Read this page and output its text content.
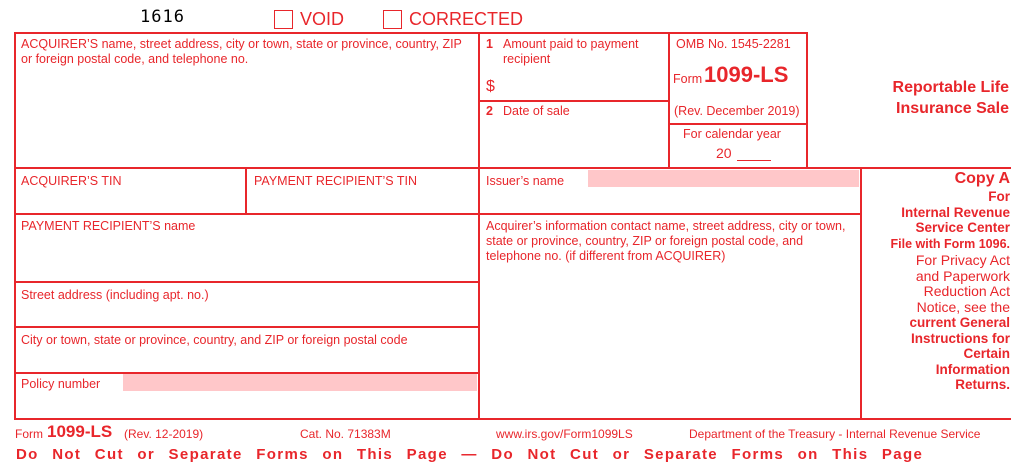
1616	VOID	CORRECTED
ACQUIRER’S name, street address, city or town, state or province, country, ZIP or foreign postal code, and telephone no.
1 Amount paid to payment recipient
$
2 Date of sale
OMB No. 1545-2281
Form 1099-LS
(Rev. December 2019)
For calendar year
20
Reportable Life
Insurance Sale
ACQUIRER’S TIN	PAYMENT RECIPIENT’S TIN	Issuer’s name
PAYMENT RECIPIENT’S name	Acquirer’s information contact name, street address, city or town, state or province, country, ZIP or foreign postal code, and telephone no. (if different from ACQUIRER)
Street address (including apt. no.)
City or town, state or province, country, and ZIP or foreign postal code
Policy number
Copy A
For
Internal Revenue
Service Center
File with Form 1096.
For Privacy Act
and Paperwork
Reduction Act
Notice, see the
current General
Instructions for
Certain
Information
Returns.
Form 1099-LS (Rev. 12-2019)	Cat. No. 71383M	www.irs.gov/Form1099LS	Department of the Treasury - Internal Revenue Service
Do Not Cut or Separate Forms on This Page — Do Not Cut or Separate Forms on This Page
